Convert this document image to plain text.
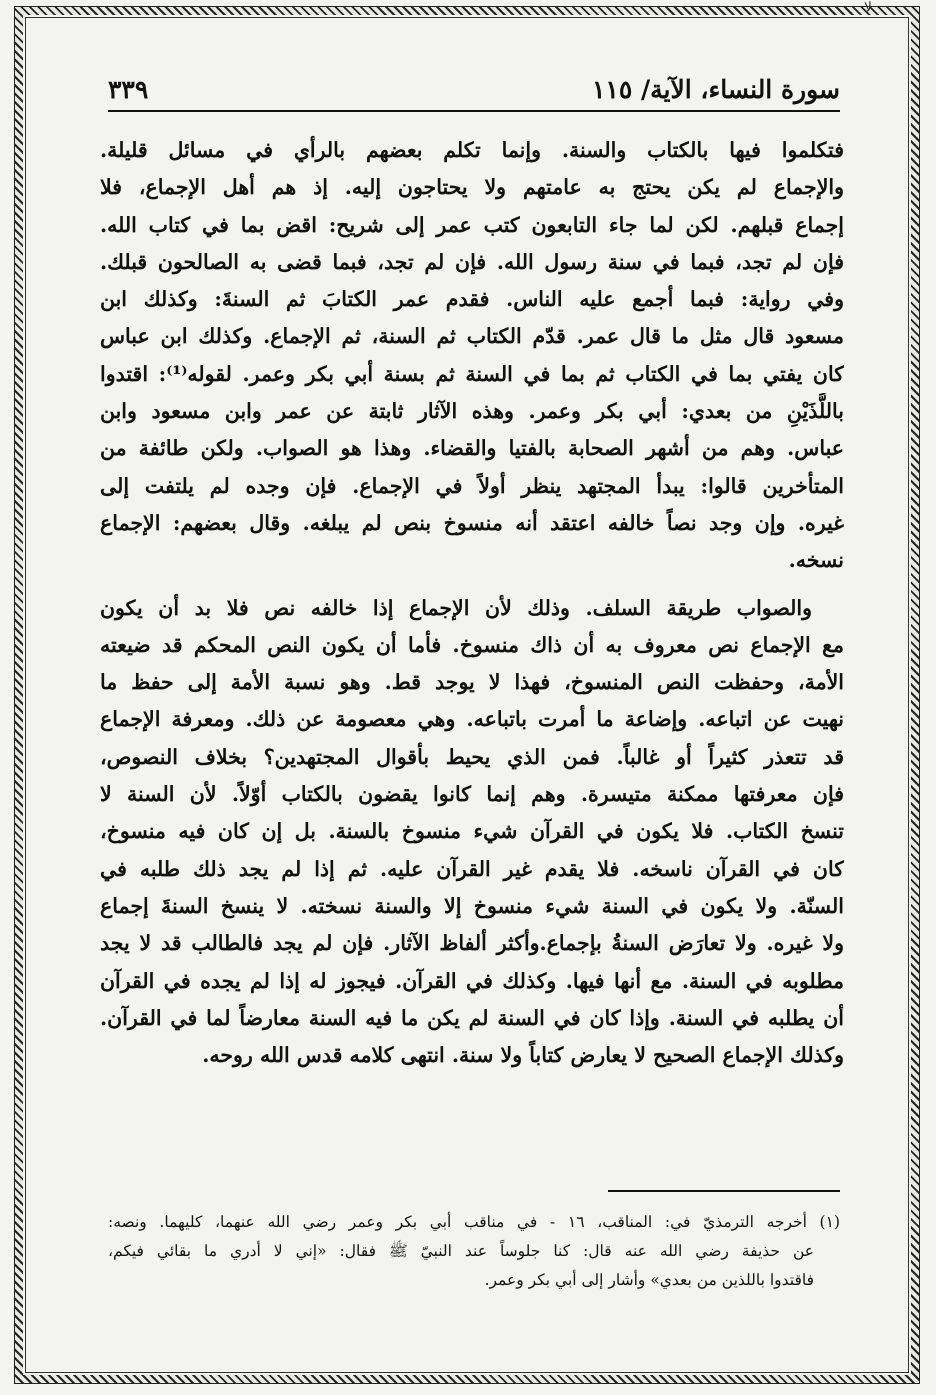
ﻻ
سورة النساء، الآية/ ١١٥
٣٣٩

فتكلموا فيها بالكتاب والسنة. وإنما تكلم بعضهم بالرأي في مسائل قليلة.
والإجماع لم يكن يحتج به عامتهم ولا يحتاجون إليه. إذ هم أهل الإجماع، فلا
إجماع قبلهم. لكن لما جاء التابعون كتب عمر إلى شريح: اقض بما في كتاب الله.
فإن لم تجد، فبما في سنة رسول الله. فإن لم تجد، فبما قضى به الصالحون قبلك.
وفي رواية: فبما أجمع عليه الناس. فقدم عمر الكتابَ ثم السنةَ: وكذلك ابن
مسعود قال مثل ما قال عمر. قدّم الكتاب ثم السنة، ثم الإجماع. وكذلك ابن عباس
كان يفتي بما في الكتاب ثم بما في السنة ثم بسنة أبي بكر وعمر. لقوله⁽¹⁾: اقتدوا
باللَّذَيْنِ من بعدي: أبي بكر وعمر. وهذه الآثار ثابتة عن عمر وابن مسعود وابن
عباس. وهم من أشهر الصحابة بالفتيا والقضاء. وهذا هو الصواب. ولكن طائفة من
المتأخرين قالوا: يبدأ المجتهد ينظر أولاً في الإجماع. فإن وجده لم يلتفت إلى
غيره. وإن وجد نصاً خالفه اعتقد أنه منسوخ بنص لم يبلغه. وقال بعضهم: الإجماع
نسخه.

والصواب طريقة السلف. وذلك لأن الإجماع إذا خالفه نص فلا بد أن يكون

مع الإجماع نص معروف به أن ذاك منسوخ. فأما أن يكون النص المحكم قد ضيعته
الأمة، وحفظت النص المنسوخ، فهذا لا يوجد قط. وهو نسبة الأمة إلى حفظ ما
نهيت عن اتباعه. وإضاعة ما أمرت باتباعه. وهي معصومة عن ذلك. ومعرفة الإجماع
قد تتعذر كثيراً أو غالباً. فمن الذي يحيط بأقوال المجتهدين؟ بخلاف النصوص،
فإن معرفتها ممكنة متيسرة. وهم إنما كانوا يقضون بالكتاب أوّلاً. لأن السنة لا
تنسخ الكتاب. فلا يكون في القرآن شيء منسوخ بالسنة. بل إن كان فيه منسوخ،
كان في القرآن ناسخه. فلا يقدم غير القرآن عليه. ثم إذا لم يجد ذلك طلبه في
السنّة. ولا يكون في السنة شيء منسوخ إلا والسنة نسخته. لا ينسخ السنةَ إجماع
ولا غيره. ولا تعارَض السنةُ بإجماع.وأكثر ألفاظ الآثار. فإن لم يجد فالطالب قد لا يجد
مطلوبه في السنة. مع أنها فيها. وكذلك في القرآن. فيجوز له إذا لم يجده في القرآن
أن يطلبه في السنة. وإذا كان في السنة لم يكن ما فيه السنة معارضاً لما في القرآن.
وكذلك الإجماع الصحيح لا يعارض كتاباً ولا سنة. انتهى كلامه قدس الله روحه.

(١) أخرجه الترمذيّ في: المناقب، ١٦ - في مناقب أبي بكر وعمر رضي الله عنهما، كليهما. ونصه:
عن حذيفة رضي الله عنه قال: كنا جلوساً عند النبيّ ﷺ فقال: «إني لا أدري ما بقائي فيكم،
فاقتدوا باللذين من بعدي» وأشار إلى أبي بكر وعمر.
